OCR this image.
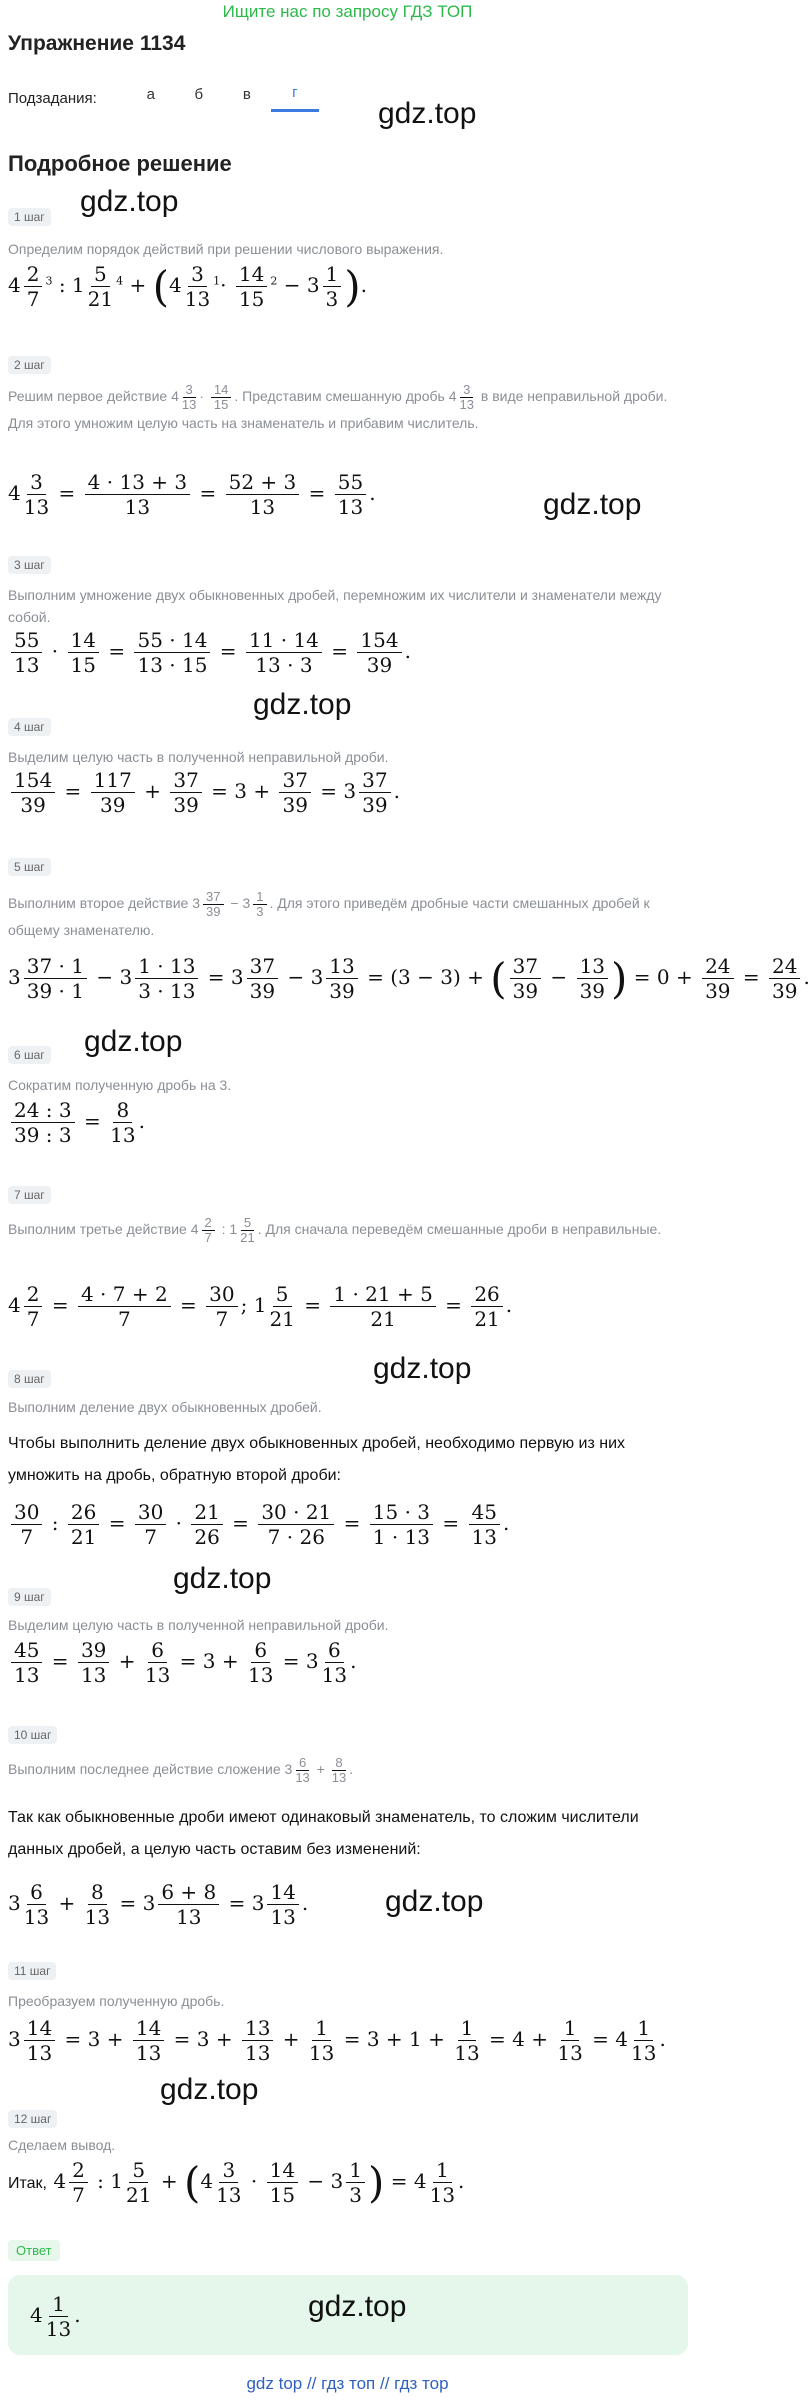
Ищите нас по запросу ГДЗ ТОП
Упражнение 1134
Подзадания:	а	б	в	г
gdz.top
Подробное решение
1 шаг gdz.top
Определим порядок действий при решении числового выражения.
$4 \frac{2}{7} ^3$ : $1 \frac{5}{21} ^4 + (4 \frac{3}{13} ^1\cdot \frac{14}{15} ^2 - 3 \frac{1}{3}$ ).
2 шаг
Решим первое действие $4 \frac{3}{13} \cdot \frac{14}{15}$ . Представим смешанную дробь $4 \frac{3}{13}$ в виде неправильной дроби. Для этого умножим целую часть на знаменатель и прибавим числитель.
$4 \frac{3}{13} = \frac{4 \cdot 13 + 3}{13} = \frac{52 + 3}{13} = \frac{55}{13}$ .	gdz.top
3 шаг
Выполним умножение двух обыкновенных дробей, перемножим их числители и знаменатели между собой.
$\frac{55}{13} \cdot \frac{14}{15} = \frac{55 \cdot 14}{13 \cdot 15} = \frac{11 \cdot 14}{13 \cdot 3} = \frac{154}{39}$ .
gdz.top
4 шаг
Выделим целую часть в полученной неправильной дроби.
$\frac{154}{39} = \frac{117}{39} + \frac{37}{39} = 3 + \frac{37}{39} = 3 \frac{37}{39}$ .
5 шаг
Выполним второе действие $3 \frac{37}{39} - 3 \frac{1}{3}$ . Для этого приведём дробные части смешанных дробей к общему знаменателю.
$3 \frac{37 \cdot 1}{39 \cdot 1} - 3 \frac{1 \cdot 13}{3 \cdot 13} = 3 \frac{37}{39} - 3 \frac{13}{39} = (3 - 3)$ + ( $\frac{37}{39} - \frac{13}{39}$ ) = $0 + \frac{24}{39} = \frac{24}{39}$ .
gdz.top
6 шаг
Сократим полученную дробь на 3.
$\frac{24 : 3}{39 : 3} = \frac{8}{13}$ .
7 шаг
Выполним третье действие $4 \frac{2}{7}$ : $1 \frac{5}{21}$ . Для сначала переведём смешанные дроби в неправильные.
$4 \frac{2}{7} = \frac{4 \cdot 7 + 2}{7} = \frac{30}{7}$ ; $1 \frac{5}{21} = \frac{1 \cdot 21 + 5}{21} = \frac{26}{21}$ .
gdz.top
8 шаг
Выполним деление двух обыкновенных дробей.
Чтобы выполнить деление двух обыкновенных дробей, необходимо первую из них умножить на дробь, обратную второй дроби:
$\frac{30}{7}$ : $\frac{26}{21} = \frac{30}{7} \cdot \frac{21}{26} = \frac{30 \cdot 21}{7 \cdot 26} = \frac{15 \cdot 3}{1 \cdot 13} = \frac{45}{13}$ .
gdz.top
9 шаг
Выделим целую часть в полученной неправильной дроби.
$\frac{45}{13} = \frac{39}{13} + \frac{6}{13} = 3 + \frac{6}{13} = 3 \frac{6}{13}$ .
10 шаг
Выполним последнее действие сложение $3 \frac{6}{13} + \frac{8}{13}$ .
Так как обыкновенные дроби имеют одинаковый знаменатель, то сложим числители данных дробей, а целую часть оставим без изменений:
$3 \frac{6}{13} + \frac{8}{13} = 3 \frac{6 + 8}{13} = 3 \frac{14}{13}$ .	gdz.top
11 шаг
Преобразуем полученную дробь.
$3 \frac{14}{13} = 3 + \frac{14}{13} = 3 + \frac{13}{13} + \frac{1}{13} = 3 + 1 + \frac{1}{13} = 4 + \frac{1}{13} = 4 \frac{1}{13}$ .
gdz.top
12 шаг
Сделаем вывод.
Итак, $4 \frac{2}{7}$ : $1 \frac{5}{21} + (4 \frac{3}{13} \cdot \frac{14}{15} - 3 \frac{1}{3}$ ) = $4 \frac{1}{13}$ .
Ответ
$4 \frac{1}{13}$ .	gdz.top
gdz top // гдз топ // гдз тор
